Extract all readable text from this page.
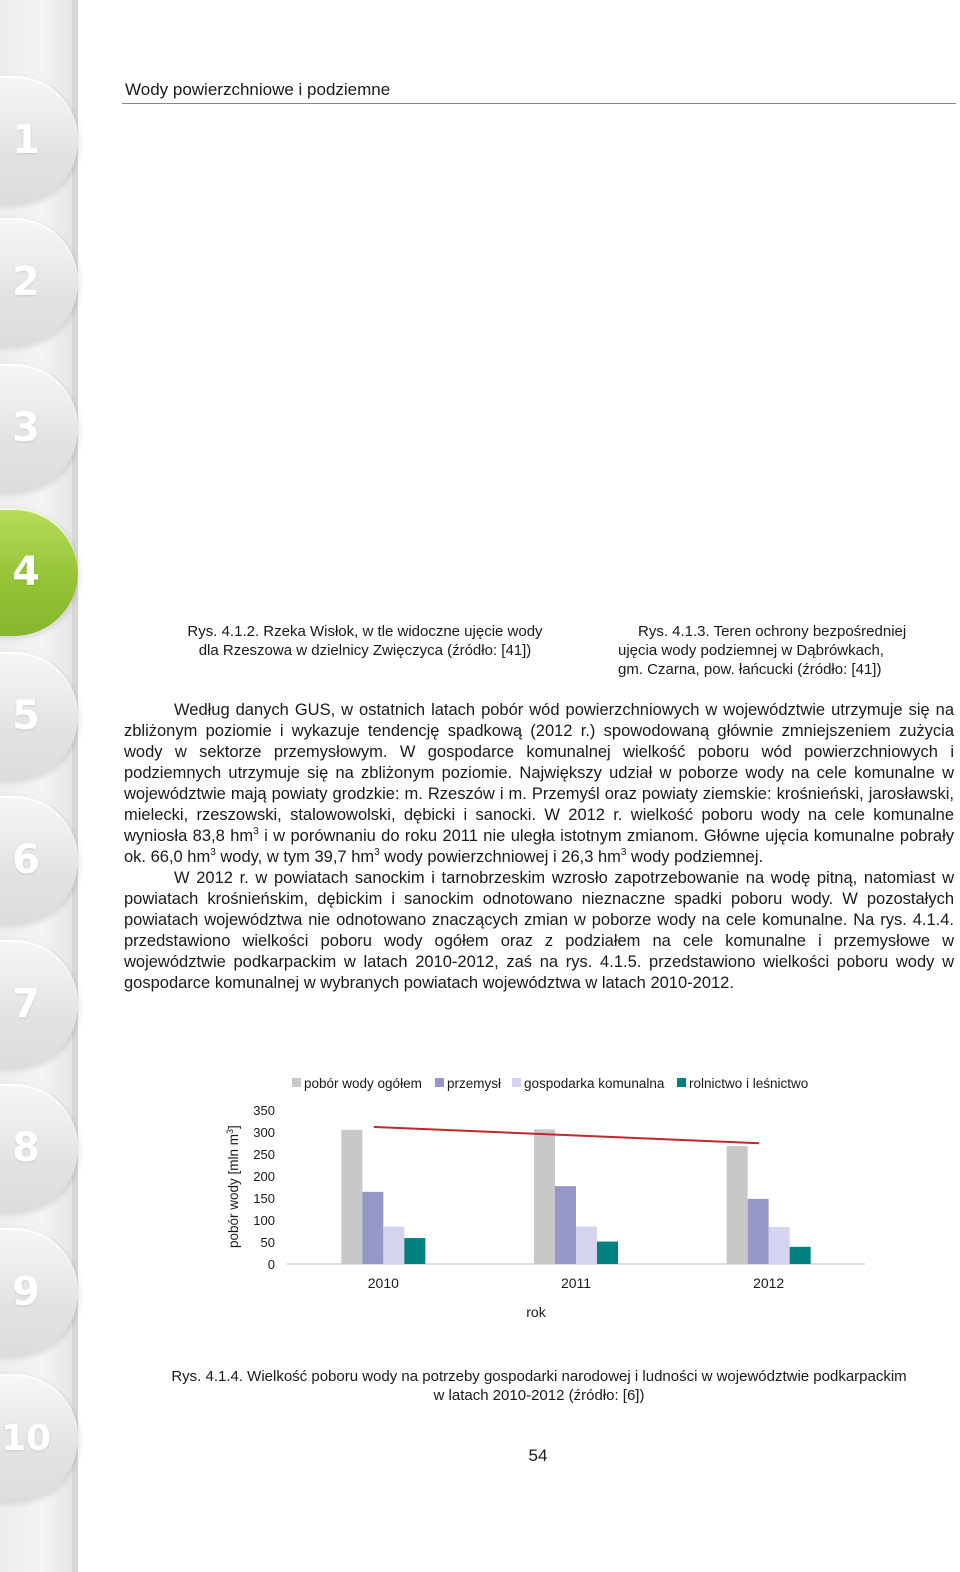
1
2
3
4
5
6
7
8
9
10
Wody powierzchniowe i podziemne
Rys. 4.1.2. Rzeka Wisłok, w tle widoczne ujęcie wody
dla Rzeszowa w dzielnicy Zwięczyca (źródło: [41])
Rys. 4.1.3. Teren ochrony bezpośredniej
ujęcia wody podziemnej w Dąbrówkach,
gm. Czarna, pow. łańcucki (źródło: [41])

Według danych GUS, w ostatnich latach pobór wód powierzchniowych w województwie utrzymuje się na zbliżonym poziomie i wykazuje tendencję spadkową (2012 r.) spowodowaną głównie zmniejszeniem zużycia wody w sektorze przemysłowym. W gospodarce komunalnej wielkość poboru wód powierzchniowych i podziemnych utrzymuje się na zbliżonym poziomie. Największy udział w poborze wody na cele komunalne w województwie mają powiaty grodzkie: m. Rzeszów i m. Przemyśl oraz powiaty ziemskie: krośnieński, jarosławski, mielecki, rzeszowski, stalowowolski, dębicki i sanocki. W 2012 r. wielkość poboru wody na cele komunalne wyniosła 83,8 $hm^3$ i w porównaniu do roku 2011 nie uległa istotnym zmianom. Główne ujęcia komunalne pobrały ok. 66,0 $hm^3$ wody, w tym 39,7 $hm^3$ wody powierzchniowej i 26,3 $hm^3$ wody podziemnej.

W 2012 r. w powiatach sanockim i tarnobrzeskim wzrosło zapotrzebowanie na wodę pitną, natomiast w powiatach krośnieńskim, dębickim i sanockim odnotowano nieznaczne spadki poboru wody. W pozostałych powiatach województwa nie odnotowano znaczących zmian w poborze wody na cele komunalne. Na rys. 4.1.4. przedstawiono wielkości poboru wody ogółem oraz z podziałem na cele komunalne i przemysłowe w województwie podkarpackim w latach 2010-2012, zaś na rys. 4.1.5. przedstawiono wielkości poboru wody w gospodarce komunalnej w wybranych powiatach województwa w latach 2010-2012.

0
50
100
150
200
250
300
350
2010	2011	2012
pobór wody ogółem przemysł gospodarka komunalna rolnictwo i leśnictwo
rok
pobór wody [mln $m^3$]
Rys. 4.1.4. Wielkość poboru wody na potrzeby gospodarki narodowej i ludności w województwie podkarpackim
w latach 2010-2012 (źródło: [6])
54
